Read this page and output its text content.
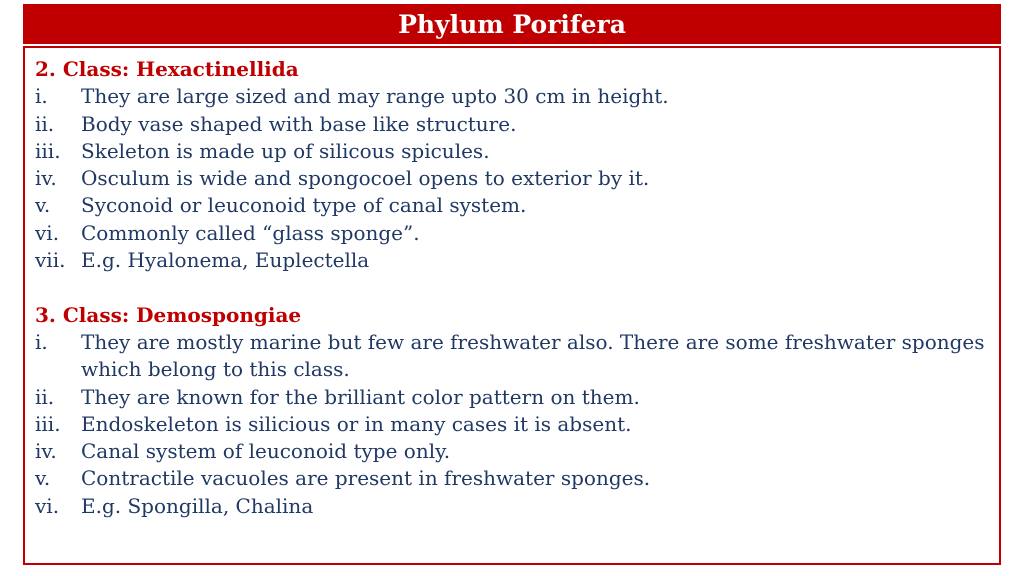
Phylum Porifera
2. Class: Hexactinellida
i.	They are large sized and may range upto 30 cm in height.
ii.	Body vase shaped with base like structure.
iii.	Skeleton is made up of silicous spicules.
iv.	Osculum is wide and spongocoel opens to exterior by it.
v.	Syconoid or leuconoid type of canal system.
vi.	Commonly called “glass sponge”.
vii. E.g. Hyalonema, Euplectella
3. Class: Demospongiae
i.	They are mostly marine but few are freshwater also. There are some freshwater sponges which belong to this class.
ii.	They are known for the brilliant color pattern on them.
iii.	Endoskeleton is silicious or in many cases it is absent.
iv.	Canal system of leuconoid type only.
v.	Contractile vacuoles are present in freshwater sponges.
vi.	E.g. Spongilla, Chalina
